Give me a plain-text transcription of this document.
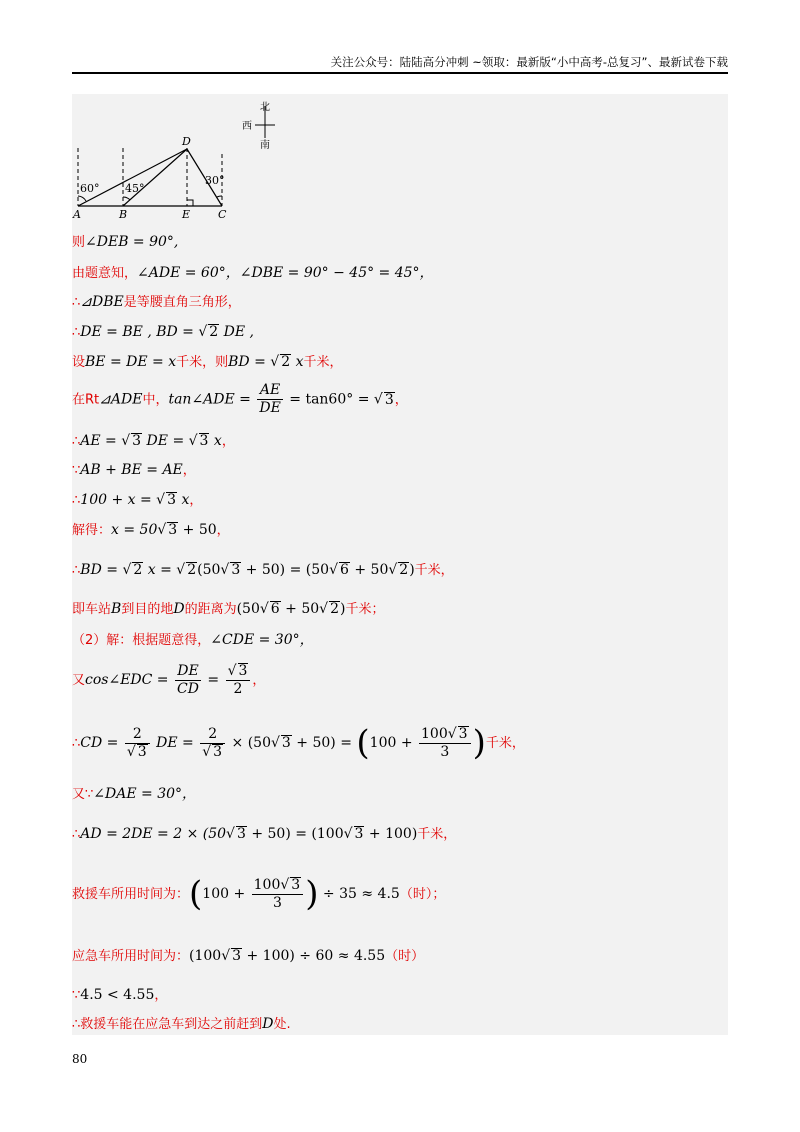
关注公众号：陆陆高分冲刺 ~领取：最新版“小中高考-总复习”、最新试卷下载
北
西
南
60° 45°
30°
D
A	B	E	C
则∠DEB = 90°,
由题意知，∠ADE = 60°，∠DBE = 90° − 45° = 45°，
∴⊿DBE是等腰直角三角形，
∴DE = BE , BD = √ 2 DE ,
设BE = DE = x千米，则BD = √ 2 x千米，
在Rt⊿ADE中，tan∠ADE = $\frac{AE}{DE} = \tan 60^\circ$ = √ 3，
∴AE = √ 3 DE = √ 3 x，
∵AB + BE = AE，
∴100 + x = √ 3 x，
解得：x = 50√ 3 + 50，
∴BD = √ 2 x = √ 2(50√ 3 + 50) = (50√ 6 + 50√ 2)千米，
即车站B到目的地D的距离为(50√ 6 + 50√ 2)千米；
（2）解：根据题意得，∠CDE = 30°，
又cos∠EDC = $\frac{DE}{CD} = \frac{√ 3}{2}$ ，
∴CD = $\frac{2}{√ 3}$ DE = $\frac{2}{√ 3} \times (50√$ $3 + 50) = (100 + \frac{100√ 3}{3}$ )千米，
又∵∠DAE = 30°，
∴AD = 2DE = 2 × (50√ 3 + 50) = (100√ 3 + 100)千米，
救援车所用时间为：($100 + \frac{100√ 3}{3}$ ) ÷ 35 ≈ 4.5（时）；
应急车所用时间为：(100√ 3 + 100) ÷ 60 ≈ 4.55（时）
∵4.5 < 4.55，
∴救援车能在应急车到达之前赶到D处.
80
